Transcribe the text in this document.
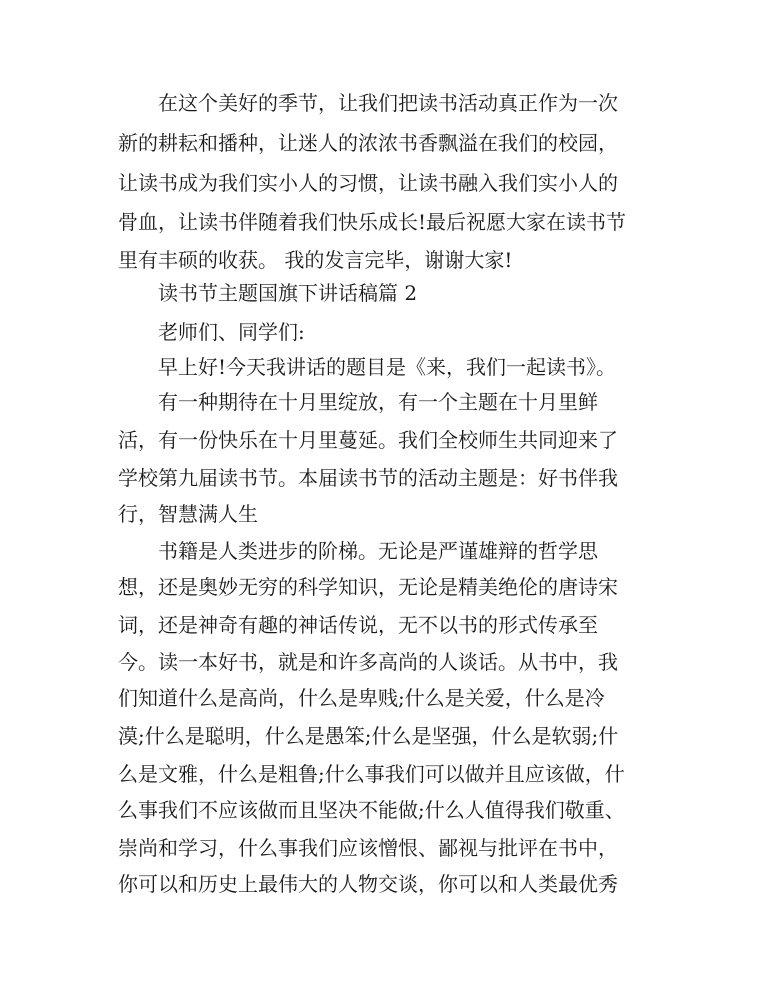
在这个美好的季节，让我们把读书活动真正作为一次
新的耕耘和播种，让迷人的浓浓书香飘溢在我们的校园，
让读书成为我们实小人的习惯，让读书融入我们实小人的
骨血，让读书伴随着我们快乐成长!最后祝愿大家在读书节
里有丰硕的收获。 我的发言完毕，谢谢大家!
读书节主题国旗下讲话稿篇 2
老师们、同学们:
早上好!今天我讲话的题目是《来，我们一起读书》。
有一种期待在十月里绽放，有一个主题在十月里鲜
活，有一份快乐在十月里蔓延。我们全校师生共同迎来了
学校第九届读书节。本届读书节的活动主题是：好书伴我
行，智慧满人生
书籍是人类进步的阶梯。无论是严谨雄辩的哲学思
想，还是奥妙无穷的科学知识，无论是精美绝伦的唐诗宋
词，还是神奇有趣的神话传说，无不以书的形式传承至
今。读一本好书，就是和许多高尚的人谈话。从书中，我
们知道什么是高尚，什么是卑贱;什么是关爱，什么是冷
漠;什么是聪明，什么是愚笨;什么是坚强，什么是软弱;什
么是文雅，什么是粗鲁;什么事我们可以做并且应该做，什
么事我们不应该做而且坚决不能做;什么人值得我们敬重、
崇尚和学习，什么事我们应该憎恨、鄙视与批评在书中，
你可以和历史上最伟大的人物交谈，你可以和人类最优秀
